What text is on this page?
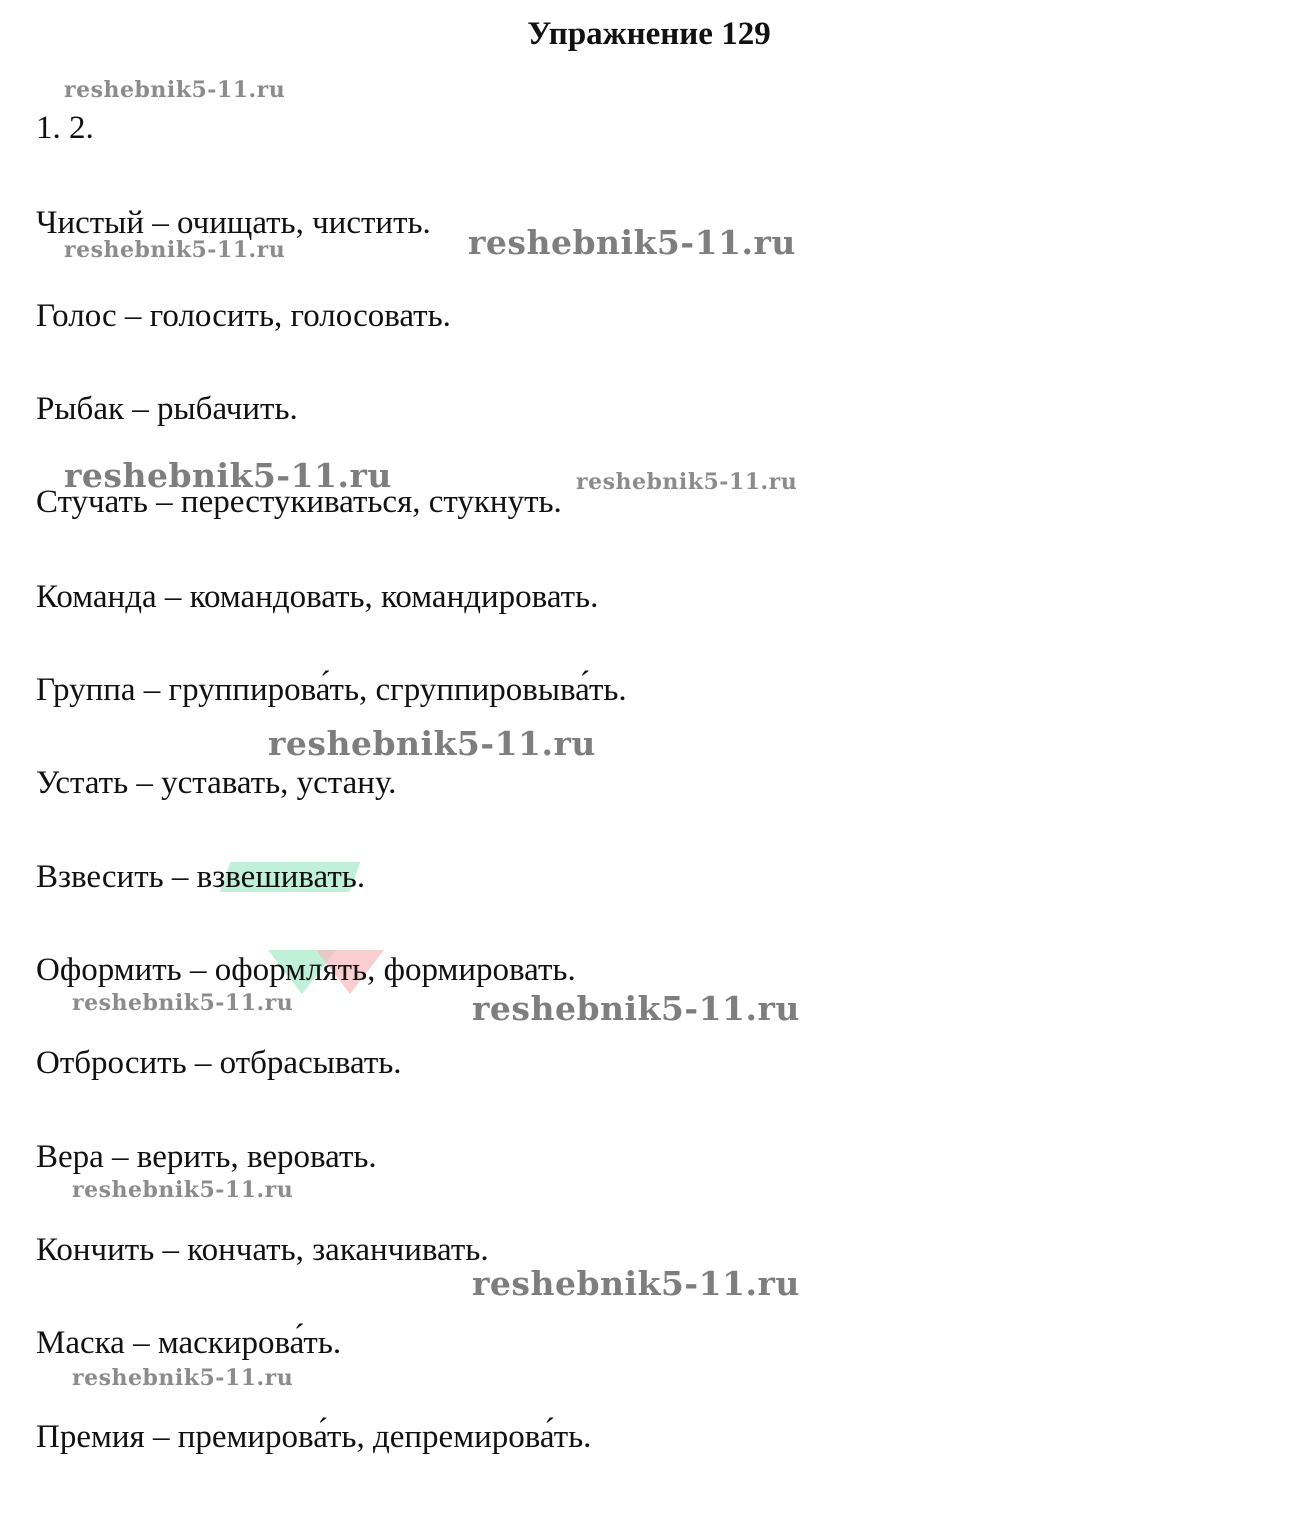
Упражнение 129
1. 2.
Чистый – очищать, чистить.
Голос – голосить, голосовать.
Рыбак – рыбачить.
Стучать – перестукиваться, стукнуть.
Команда – командовать, командировать.
Группа – группирова́ть, сгруппировыва́ть.
Устать – уставать, устану.
Взвесить – взвешивать.
Оформить – оформлять, формировать.
Отбросить – отбрасывать.
Вера – верить, веровать.
Кончить – кончать, заканчивать.
Маска – маскирова́ть.
Премия – премирова́ть, депремирова́ть.
reshebnik5-11.ru
reshebnik5-11.ru	reshebnik5-11.ru
reshebnik5-11.ru	reshebnik5-11.ru
reshebnik5-11.ru
reshebnik5-11.ru	reshebnik5-11.ru
reshebnik5-11.ru
reshebnik5-11.ru
reshebnik5-11.ru
